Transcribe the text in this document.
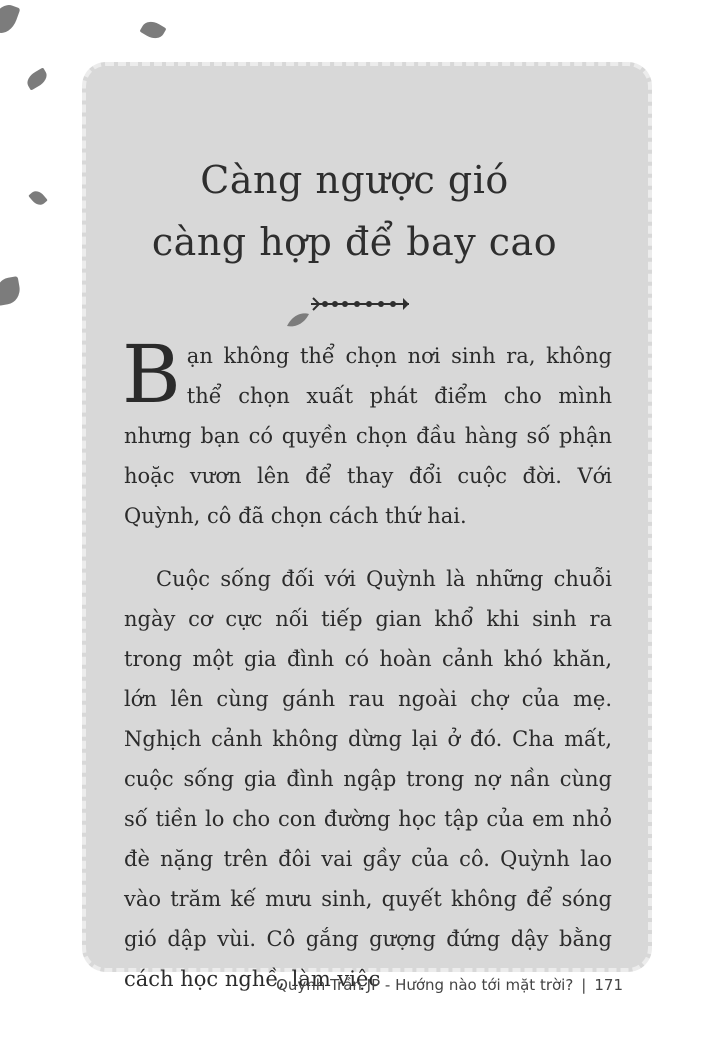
Càng ngược gió
càng hợp để bay cao
Bạn không thể chọn nơi sinh ra, không thể chọn xuất phát điểm cho mình nhưng bạn có quyền chọn đầu hàng số phận hoặc vươn lên để thay đổi cuộc đời. Với Quỳnh, cô đã chọn cách thứ hai.
Cuộc sống đối với Quỳnh là những chuỗi ngày cơ cực nối tiếp gian khổ khi sinh ra trong một gia đình có hoàn cảnh khó khăn, lớn lên cùng gánh rau ngoài chợ của mẹ. Nghịch cảnh không dừng lại ở đó. Cha mất, cuộc sống gia đình ngập trong nợ nần cùng số tiền lo cho con đường học tập của em nhỏ đè nặng trên đôi vai gầy của cô. Quỳnh lao vào trăm kế mưu sinh, quyết không để sóng gió dập vùi. Cô gắng gượng đứng dậy bằng cách học nghề, làm việc
Quỳnh Trần JP - Hướng nào tới mặt trời? | 171
